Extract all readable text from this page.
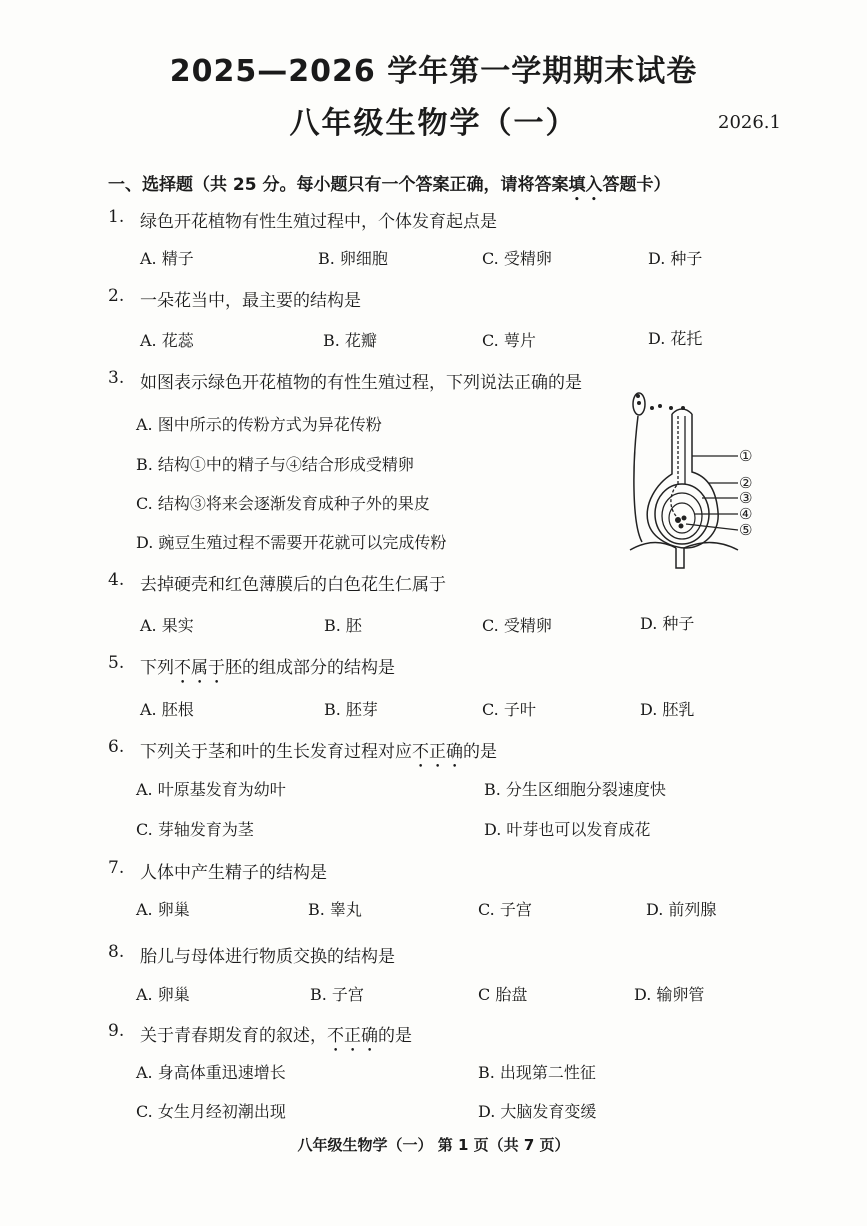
2025—2026 学年第一学期期末试卷
八年级生物学（一）	2026.1
一、选择题（共 25 分。每小题只有一个答案正确，请将答案填入答题卡）
1. 绿色开花植物有性生殖过程中，个体发育起点是
A. 精子	B. 卵细胞	C. 受精卵	D. 种子
2. 一朵花当中，最主要的结构是
A. 花蕊	B. 花瓣	C. 萼片	D. 花托
3. 如图表示绿色开花植物的有性生殖过程，下列说法正确的是
A. 图中所示的传粉方式为异花传粉
B. 结构①中的精子与④结合形成受精卵
C. 结构③将来会逐渐发育成种子外的果皮
D. 豌豆生殖过程不需要开花就可以完成传粉
①
②
③
④
⑤
4. 去掉硬壳和红色薄膜后的白色花生仁属于
A. 果实	B. 胚	C. 受精卵	D. 种子
5. 下列不属于胚的组成部分的结构是
A. 胚根	B. 胚芽	C. 子叶	D. 胚乳
6. 下列关于茎和叶的生长发育过程对应不正确的是
A. 叶原基发育为幼叶	B. 分生区细胞分裂速度快
C. 芽轴发育为茎	D. 叶芽也可以发育成花
7. 人体中产生精子的结构是
A. 卵巢	B. 睾丸	C. 子宫	D. 前列腺
8. 胎儿与母体进行物质交换的结构是
A. 卵巢	B. 子宫	C 胎盘	D. 输卵管
9. 关于青春期发育的叙述，不正确的是
A. 身高体重迅速增长	B. 出现第二性征
C. 女生月经初潮出现	D. 大脑发育变缓
八年级生物学（一） 第 1 页（共 7 页）
